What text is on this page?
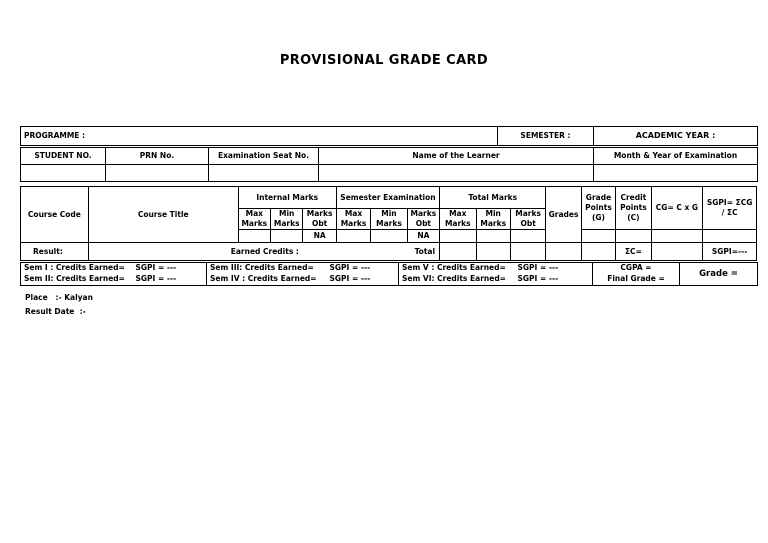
PROVISIONAL GRADE CARD
PROGRAMME :	SEMESTER :	ACADEMIC YEAR :
STUDENT NO.	PRN No.	Examination Seat No.	Name of the Learner	Month & Year of Examination

Course Code	Course Title	Internal Marks			Semester Examination			Total Marks			Grades	Grade Points (G)	Credit Points (C)	CG= C x G	SGPI= ΣCG / ΣC
		Max Marks	Min Marks	Marks Obt	Max Marks	Min Marks	Marks Obt	Max Marks	Min Marks	Marks Obt					
				NA			NA								
Result:	Earned Credits :			Total									ΣC=		SGPI=---
Sem I : Credits Earned=	SGPI = ---	Sem III: Credits Earned=	SGPI = ---	Sem V : Credits Earned=	SGPI = ---	CGPA =	Grade =
Sem II: Credits Earned=	SGPI = ---	Sem IV : Credits Earned=	SGPI = ---	Sem VI: Credits Earned=	SGPI = ---	Final Grade =	
Place   :- Kalyan
Result Date  :-
